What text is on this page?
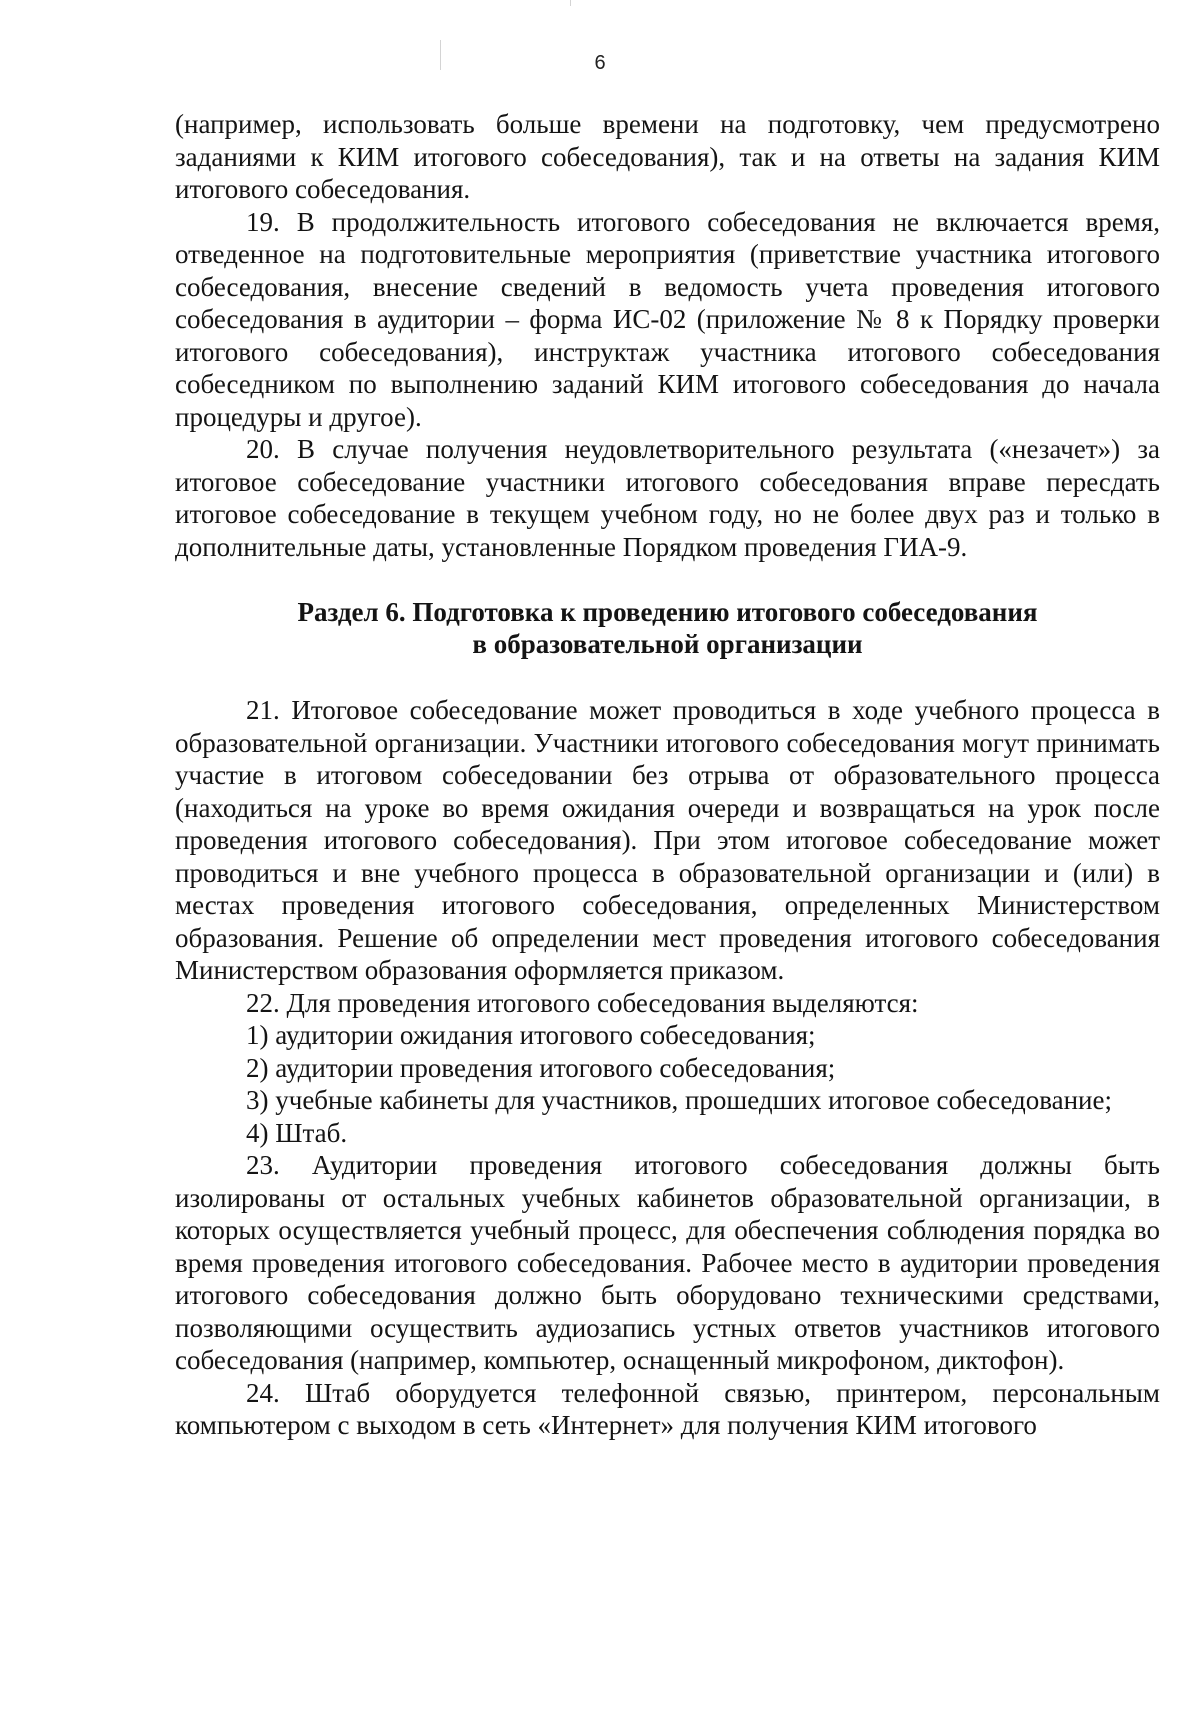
6

(например, использовать больше времени на подготовку, чем предусмотрено заданиями к КИМ итогового собеседования), так и на ответы на задания КИМ итогового собеседования.

19. В продолжительность итогового собеседования не включается время, отведенное на подготовительные мероприятия (приветствие участника итогового собеседования, внесение сведений в ведомость учета проведения итогового собеседования в аудитории – форма ИС-02 (приложение № 8 к Порядку проверки итогового собеседования), инструктаж участника итогового собеседования собеседником по выполнению заданий КИМ итогового собеседования до начала процедуры и другое).

20. В случае получения неудовлетворительного результата («незачет») за итоговое собеседование участники итогового собеседования вправе пересдать итоговое собеседование в текущем учебном году, но не более двух раз и только в дополнительные даты, установленные Порядком проведения ГИА-9.

Раздел 6. Подготовка к проведению итогового собеседования
в образовательной организации

21. Итоговое собеседование может проводиться в ходе учебного процесса в образовательной организации. Участники итогового собеседования могут принимать участие в итоговом собеседовании без отрыва от образовательного процесса (находиться на уроке во время ожидания очереди и возвращаться на урок после проведения итогового собеседования). При этом итоговое собеседование может проводиться и вне учебного процесса в образовательной организации и (или) в местах проведения итогового собеседования, определенных Министерством образования. Решение об определении мест проведения итогового собеседования Министерством образования оформляется приказом.

22. Для проведения итогового собеседования выделяются:

1) аудитории ожидания итогового собеседования;

2) аудитории проведения итогового собеседования;

3) учебные кабинеты для участников, прошедших итоговое собеседование;

4) Штаб.

23. Аудитории проведения итогового собеседования должны быть изолированы от остальных учебных кабинетов образовательной организации, в которых осуществляется учебный процесс, для обеспечения соблюдения порядка во время проведения итогового собеседования. Рабочее место в аудитории проведения итогового собеседования должно быть оборудовано техническими средствами, позволяющими осуществить аудиозапись устных ответов участников итогового собеседования (например, компьютер, оснащенный микрофоном, диктофон).

24. Штаб оборудуется телефонной связью, принтером, персональным компьютером с выходом в сеть «Интернет» для получения КИМ итогового
